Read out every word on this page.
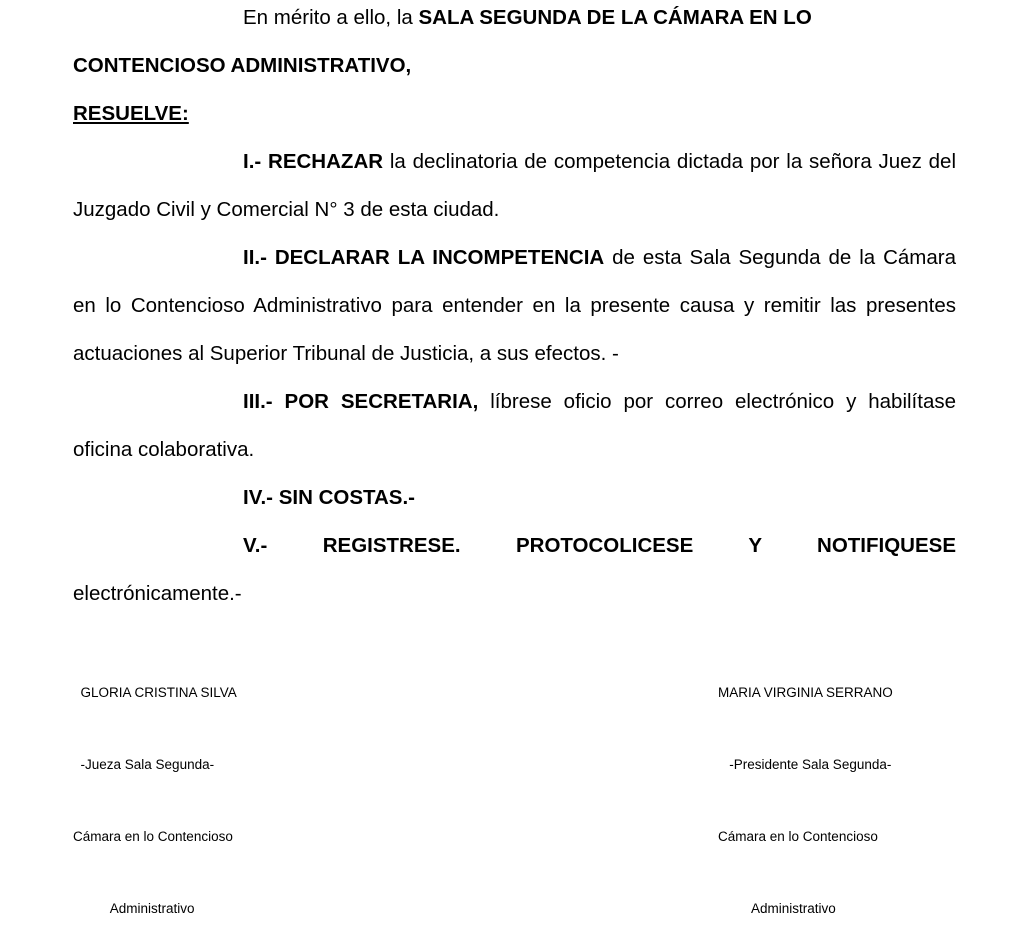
En mérito a ello, la SALA SEGUNDA DE LA CÁMARA EN LO

CONTENCIOSO ADMINISTRATIVO,

RESUELVE:

I.- RECHAZAR la declinatoria de competencia dictada por la señora Juez del Juzgado Civil y Comercial N° 3 de esta ciudad.

II.- DECLARAR LA INCOMPETENCIA de esta Sala Segunda de la Cámara en lo Contencioso Administrativo para entender en la presente causa y remitir las presentes actuaciones al Superior Tribunal de Justicia, a sus efectos. -

III.- POR SECRETARIA, líbrese oficio por correo electrónico y habilítase oficina colaborativa.

IV.- SIN COSTAS.-

V.- REGISTRESE. PROTOCOLICESE Y NOTIFIQUESE

electrónicamente.-

GLORIA CRISTINA SILVA

-Jueza Sala Segunda-

Cámara en lo Contencioso

Administrativo

MARIA VIRGINIA SERRANO

-Presidente Sala Segunda-

Cámara en lo Contencioso

Administrativo
